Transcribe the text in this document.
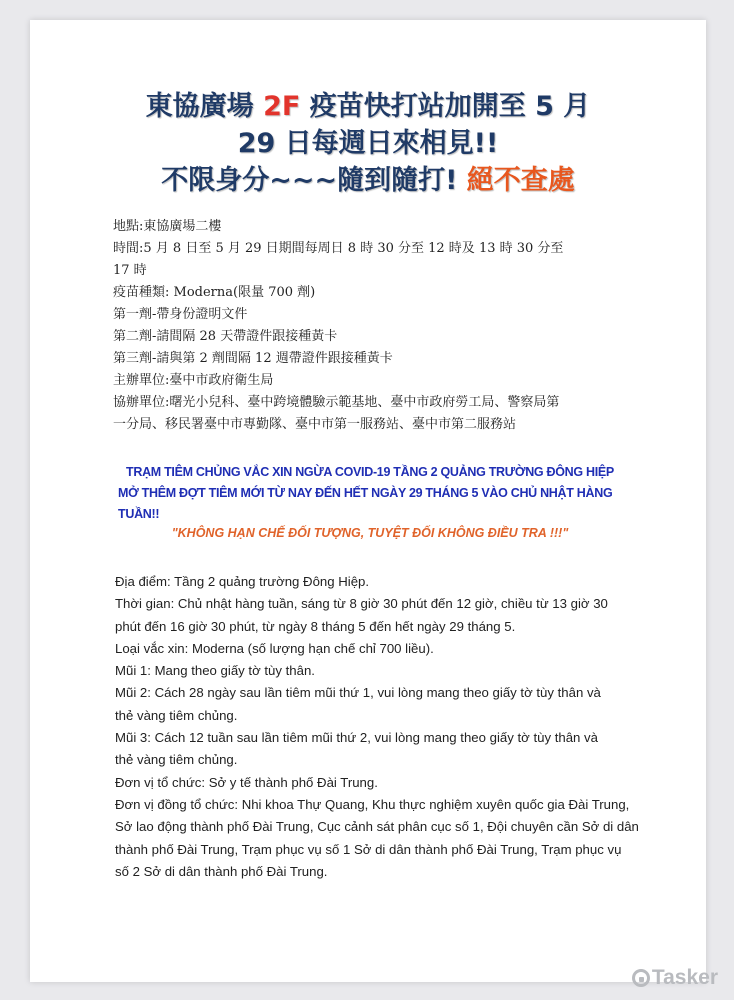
東協廣場 2F 疫苗快打站加開至 5 月
29 日每週日來相見!!
不限身分~~~隨到隨打! 絕不查處
地點:東協廣場二樓
時間:5 月 8 日至 5 月 29 日期間每周日 8 時 30 分至 12 時及 13 時 30 分至
17 時
疫苗種類: Moderna(限量 700 劑)
第一劑-帶身份證明文件
第二劑-請間隔 28 天帶證件跟接種黃卡
第三劑-請與第 2 劑間隔 12 週帶證件跟接種黃卡
主辦單位:臺中市政府衛生局
協辦單位:曙光小兒科、臺中跨境體驗示範基地、臺中市政府勞工局、警察局第
一分局、移民署臺中市專勤隊、臺中市第一服務站、臺中市第二服務站
TRẠM TIÊM CHỦNG VẮC XIN NGỪA COVID-19 TẦNG 2 QUẢNG TRƯỜNG ĐÔNG HIỆP
MỞ THÊM ĐỢT TIÊM MỚI TỪ NAY ĐẾN HẾT NGÀY 29 THÁNG 5 VÀO CHỦ NHẬT HÀNG
TUẦN!!
"KHÔNG HẠN CHẾ ĐỐI TƯỢNG, TUYỆT ĐỐI KHÔNG ĐIỀU TRA !!!"
Địa điểm: Tầng 2 quảng trường Đông Hiệp.
Thời gian: Chủ nhật hàng tuần, sáng từ 8 giờ 30 phút đến 12 giờ, chiều từ 13 giờ 30
phút đến 16 giờ 30 phút, từ ngày 8 tháng 5 đến hết ngày 29 tháng 5.
Loại vắc xin: Moderna (số lượng hạn chế chỉ 700 liều).
Mũi 1: Mang theo giấy tờ tùy thân.
Mũi 2: Cách 28 ngày sau lần tiêm mũi thứ 1, vui lòng mang theo giấy tờ tùy thân và
thẻ vàng tiêm chủng.
Mũi 3: Cách 12 tuần sau lần tiêm mũi thứ 2, vui lòng mang theo giấy tờ tùy thân và
thẻ vàng tiêm chủng.
Đơn vị tổ chức: Sở y tế thành phố Đài Trung.
Đơn vị đồng tổ chức: Nhi khoa Thự Quang, Khu thực nghiệm xuyên quốc gia Đài Trung,
Sở lao động thành phố Đài Trung, Cục cảnh sát phân cục số 1, Đội chuyên cần Sở di dân
thành phố Đài Trung, Trạm phục vụ số 1 Sở di dân thành phố Đài Trung, Trạm phục vụ
số 2 Sở di dân thành phố Đài Trung.
Tasker
